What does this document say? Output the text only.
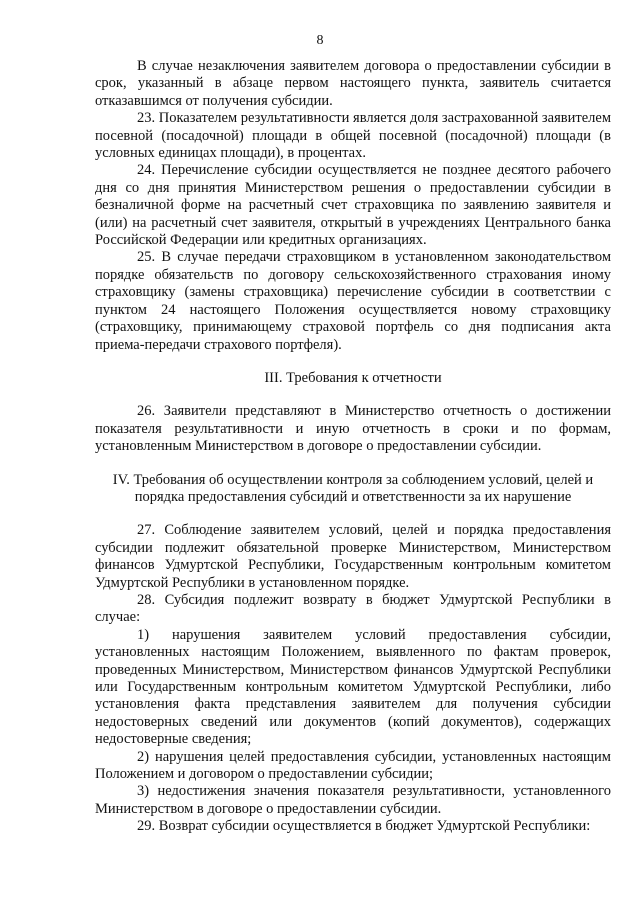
8

В случае незаключения заявителем договора о предоставлении субсидии в срок, указанный в абзаце первом настоящего пункта, заявитель считается отказавшимся от получения субсидии.

23. Показателем результативности является доля застрахованной заявителем посевной (посадочной) площади в общей посевной (посадочной) площади (в условных единицах площади), в процентах.

24. Перечисление субсидии осуществляется не позднее десятого рабочего дня со дня принятия Министерством решения о предоставлении субсидии в безналичной форме на расчетный счет страховщика по заявлению заявителя и (или) на расчетный счет заявителя, открытый в учреждениях Центрального банка Российской Федерации или кредитных организациях.

25. В случае передачи страховщиком в установленном законодательством порядке обязательств по договору сельскохозяйственного страхования иному страховщику (замены страховщика) перечисление субсидии в соответствии с пунктом 24 настоящего Положения осуществляется новому страховщику (страховщику, принимающему страховой портфель со дня подписания акта приема-передачи страхового портфеля).

III. Требования к отчетности

26. Заявители представляют в Министерство отчетность о достижении показателя результативности и иную отчетность в сроки и по формам, установленным Министерством в договоре о предоставлении субсидии.

IV. Требования об осуществлении контроля за соблюдением условий, целей и

порядка предоставления субсидий и ответственности за их нарушение

27. Соблюдение заявителем условий, целей и порядка предоставления субсидии подлежит обязательной проверке Министерством, Министерством финансов Удмуртской Республики, Государственным контрольным комитетом Удмуртской Республики в установленном порядке.

28. Субсидия подлежит возврату в бюджет Удмуртской Республики в случае:

1) нарушения заявителем условий предоставления субсидии, установленных настоящим Положением, выявленного по фактам проверок, проведенных Министерством, Министерством финансов Удмуртской Республики или Государственным контрольным комитетом Удмуртской Республики, либо установления факта представления заявителем для получения субсидии недостоверных сведений или документов (копий документов), содержащих недостоверные сведения;

2) нарушения целей предоставления субсидии, установленных настоящим Положением и договором о предоставлении субсидии;

3) недостижения значения показателя результативности, установленного Министерством в договоре о предоставлении субсидии.

29. Возврат субсидии осуществляется в бюджет Удмуртской Республики:
